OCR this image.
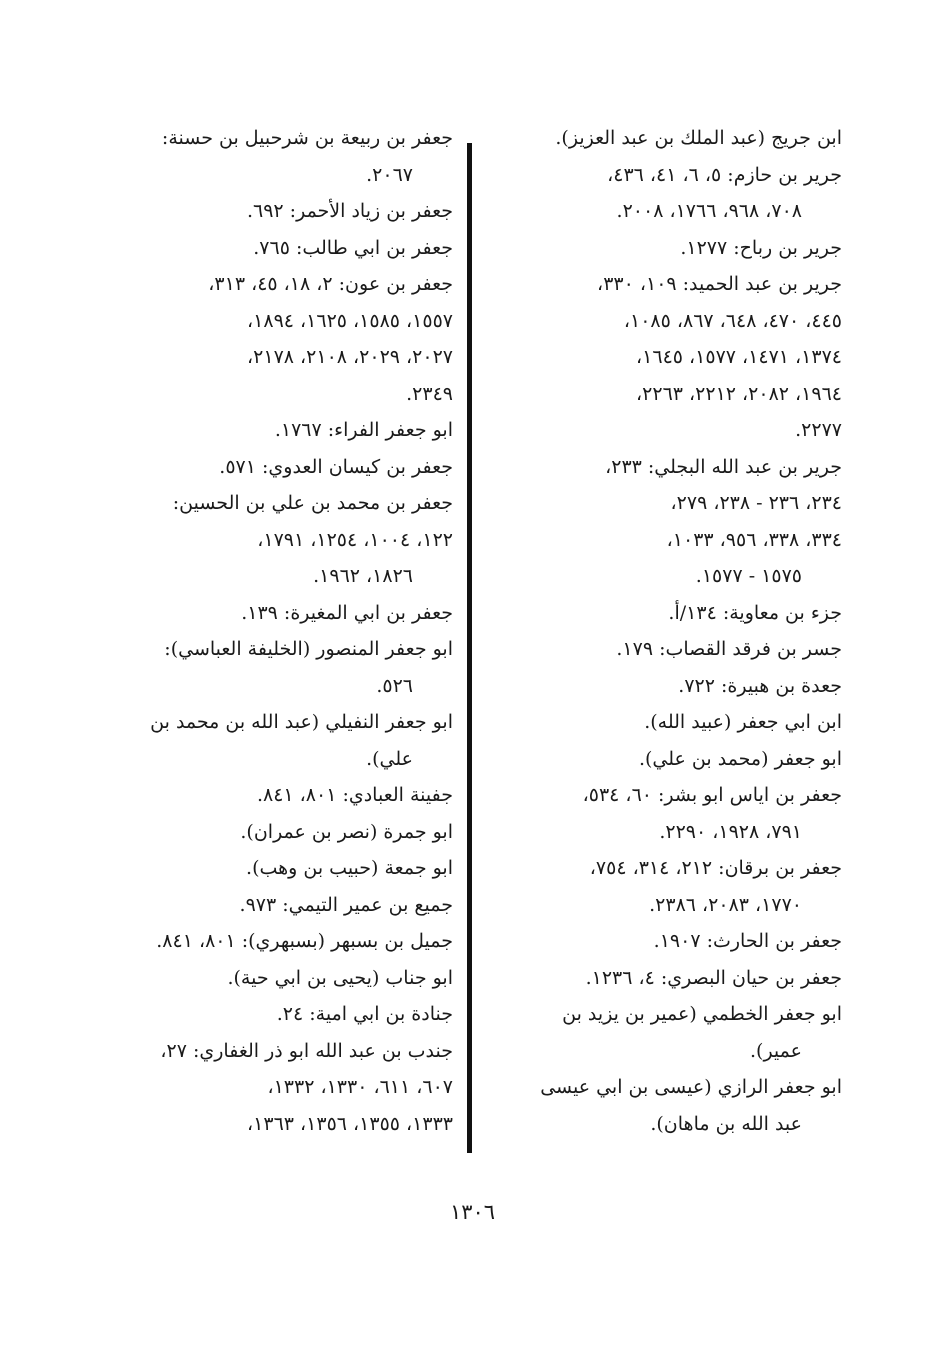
ابن جريج (عبد الملك بن عبد العزيز).

جرير بن حازم: ٥، ٦، ٤١، ٤٣٦،

٧٠٨، ٩٦٨، ١٧٦٦، ٢٠٠٨.

جرير بن رباح: ١٢٧٧.

جرير بن عبد الحميد: ١٠٩، ٣٣٠،

٤٤٥، ٤٧٠، ٦٤٨، ٨٦٧، ١٠٨٥،

١٣٧٤، ١٤٧١، ١٥٧٧، ١٦٤٥،

١٩٦٤، ٢٠٨٢، ٢٢١٢، ٢٢٦٣،

٢٢٧٧.

جرير بن عبد الله البجلي: ٢٣٣،

٢٣٤، ٢٣٦ - ٢٣٨، ٢٧٩،

٣٣٤، ٣٣٨، ٩٥٦، ١٠٣٣،

١٥٧٥ - ١٥٧٧.

جزء بن معاوية: ١٣٤/أ.

جسر بن فرقد القصاب: ١٧٩.

جعدة بن هبيرة: ٧٢٢.

ابن ابي جعفر (عبيد الله).

ابو جعفر (محمد بن علي).

جعفر بن اياس ابو بشر: ٦٠، ٥٣٤،

٧٩١، ١٩٢٨، ٢٢٩٠.

جعفر بن برقان: ٢١٢، ٣١٤، ٧٥٤،

١٧٧٠، ٢٠٨٣، ٢٣٨٦.

جعفر بن الحارث: ١٩٠٧.

جعفر بن حيان البصري: ٤، ١٢٣٦.

ابو جعفر الخطمي (عمير بن يزيد بن

عمير).

ابو جعفر الرازي (عيسى بن ابي عيسى

عبد الله بن ماهان).

جعفر بن ربيعة بن شرحبيل بن حسنة:

٢٠٦٧.

جعفر بن زياد الأحمر: ٦٩٢.

جعفر بن ابي طالب: ٧٦٥.

جعفر بن عون: ٢، ١٨، ٤٥، ٣١٣،

١٥٥٧، ١٥٨٥، ١٦٢٥، ١٨٩٤،

٢٠٢٧، ٢٠٢٩، ٢١٠٨، ٢١٧٨،

٢٣٤٩.

ابو جعفر الفراء: ١٧٦٧.

جعفر بن كيسان العدوي: ٥٧١.

جعفر بن محمد بن علي بن الحسين:

١٢٢، ١٠٠٤، ١٢٥٤، ١٧٩١،

١٨٢٦، ١٩٦٢.

جعفر بن ابي المغيرة: ١٣٩.

ابو جعفر المنصور (الخليفة العباسي):

٥٢٦.

ابو جعفر النفيلي (عبد الله بن محمد بن

علي).

جفينة العبادي: ٨٠١، ٨٤١.

ابو جمرة (نصر بن عمران).

ابو جمعة (حبيب بن وهب).

جميع بن عمير التيمي: ٩٧٣.

جميل بن بسبهر (بسبهري): ٨٠١، ٨٤١.

ابو جناب (يحيى بن ابي حية).

جنادة بن ابي امية: ٢٤.

جندب بن عبد الله ابو ذر الغفاري: ٢٧،

٦٠٧، ٦١١، ١٣٣٠، ١٣٣٢،

١٣٣٣، ١٣٥٥، ١٣٥٦، ١٣٦٣،

١٣٠٦
